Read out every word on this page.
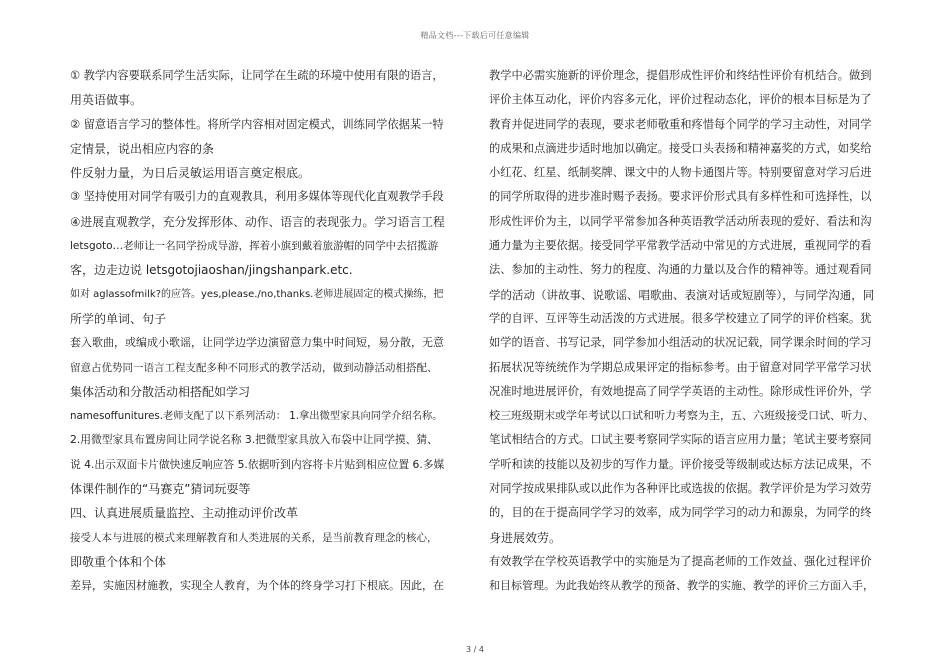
精品文档---下载后可任意编辑

① 教学内容要联系同学生活实际，让同学在生疏的环境中使用有限的语言，

用英语做事。

② 留意语言学习的整体性。将所学内容相对固定模式，训练同学依据某一特

定情景，说出相应内容的条

件反射力量，为日后灵敏运用语言奠定根底。

③ 坚持使用对同学有吸引力的直观教具，利用多媒体等现代化直观教学手段

④进展直观教学，充分发挥形体、动作、语言的表现张力。学习语言工程

letsgoto…老师让一名同学扮成导游，挥着小旗到戴着旅游帽的同学中去招揽游

客，边走边说 letsgotojiaoshan/jingshanpark.etc.

如对 aglassofmilk?的应答。yes,please./no,thanks.老师进展固定的模式操练，把

所学的单词、句子

套入歌曲，或编成小歌谣，让同学边学边演留意力集中时间短，易分散，无意

留意占优势同一语言工程支配多种不同形式的教学活动，做到动静活动相搭配、

集体活动和分散活动相搭配如学习

namesoffunitures.老师支配了以下系列活动： 1.拿出微型家具向同学介绍名称。

2.用微型家具布置房间让同学说名称 3.把微型家具放入布袋中让同学摸、猜、

说 4.出示双面卡片做快速反响应答 5.依据听到内容将卡片贴到相应位置 6.多媒

体课件制作的“马赛克”猜词玩耍等

四、认真进展质量监控、主动推动评价改革

接受人本与进展的模式来理解教育和人类进展的关系，是当前教育理念的核心，

即敬重个体和个体

差异，实施因材施教，实现全人教育，为个体的终身学习打下根底。因此，在

教学中必需实施新的评价理念，提倡形成性评价和终结性评价有机结合。做到

评价主体互动化，评价内容多元化，评价过程动态化，评价的根本目标是为了

教育并促进同学的表现，要求老师敬重和疼惜每个同学的学习主动性，对同学

的成果和点滴进步适时地加以确定。接受口头表扬和精神嘉奖的方式，如奖给

小红花、红星、纸制奖牌、课文中的人物卡通图片等。特别要留意对学习后进

的同学所取得的进步准时赐予表扬。要求评价形式具有多样性和可选择性，以

形成性评价为主，以同学平常参加各种英语教学活动所表现的爱好、看法和沟

通力量为主要依据。接受同学平常教学活动中常见的方式进展，重视同学的看

法、参加的主动性、努力的程度、沟通的力量以及合作的精神等。通过观看同

学的活动（讲故事、说歌谣、唱歌曲、表演对话或短剧等），与同学沟通，同

学的自评、互评等生动活泼的方式进展。很多学校建立了同学的评价档案。犹

如学的语音、书写记录，同学参加小组活动的状况记载，同学课余时间的学习

拓展状况等统统作为学期总成果评定的指标参考。由于留意对同学平常学习状

况准时地进展评价，有效地提高了同学学英语的主动性。除形成性评价外，学

校三班级期末或学年考试以口试和听力考察为主，五、六班级接受口试、听力、

笔试相结合的方式。口试主要考察同学实际的语言应用力量；笔试主要考察同

学听和读的技能以及初步的写作力量。评价接受等级制或达标方法记成果，不

对同学按成果排队或以此作为各种评比或选拔的依据。教学评价是为学习效劳

的，目的在于提高同学学习的效率，成为同学学习的动力和源泉，为同学的终

身进展效劳。

有效教学在学校英语教学中的实施是为了提高老师的工作效益、强化过程评价

和目标管理。为此我始终从教学的预备、教学的实施、教学的评价三方面入手，

3 / 4
